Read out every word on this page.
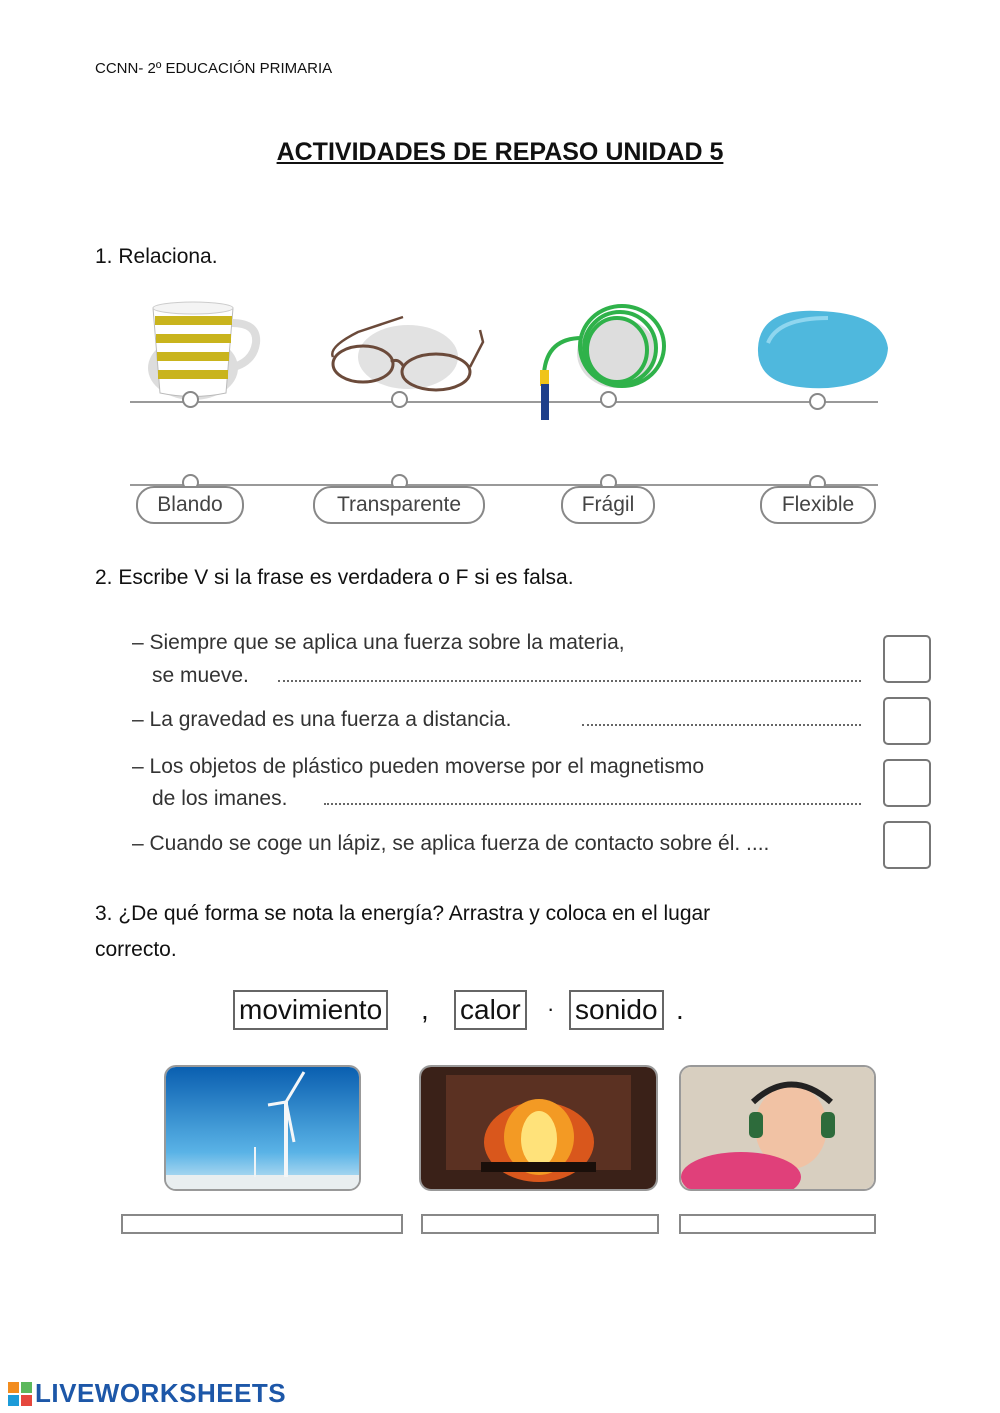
CCNN- 2º EDUCACIÓN PRIMARIA
ACTIVIDADES DE REPASO UNIDAD 5
1. Relaciona.
Blando	Transparente	Frágil	Flexible
2. Escribe V si la frase es verdadera o F si es falsa.
– Siempre que se aplica una fuerza sobre la materia,
se mueve.
– La gravedad es una fuerza a distancia.
– Los objetos de plástico pueden moverse por el magnetismo
de los imanes.
– Cuando se coge un lápiz, se aplica fuerza de contacto sobre él. ....
3. ¿De qué forma se nota la energía? Arrastra y coloca en el lugar
correcto.
movimiento , calor · sonido .
LIVEWORKSHEETS
